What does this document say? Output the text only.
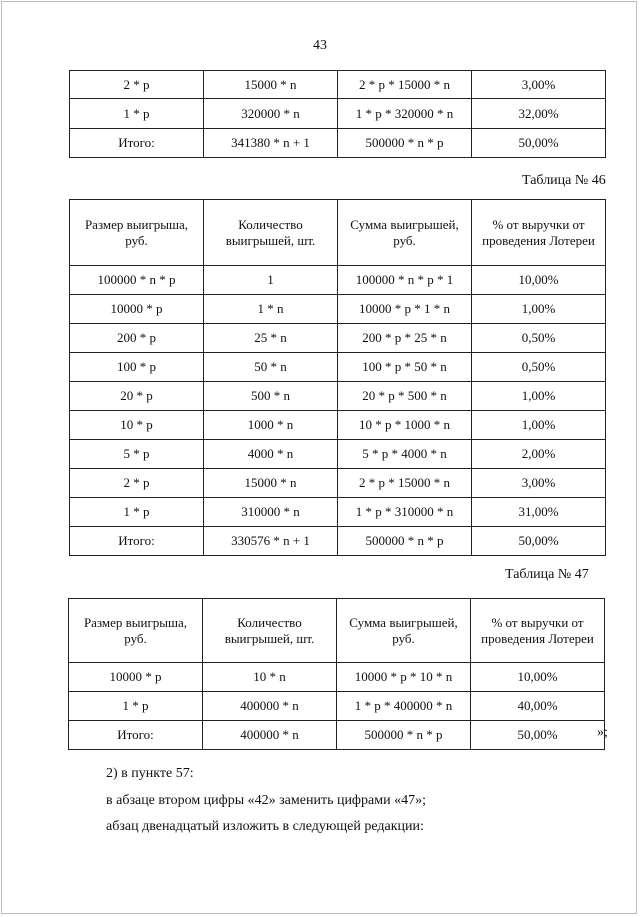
43
2 * р	15000 * n	2 * р * 15000 * n	3,00%
1 * р	320000 * n	1 * р * 320000 * n	32,00%
Итого:	341380 * n + 1	500000 * n * р	50,00%
Таблица № 46
Размер выигрыша, руб.	Количество выигрышей, шт.	Сумма выигрышей, руб.	% от выручки от проведения Лотереи
100000 * n * р	1	100000 * n * р * 1	10,00%
10000 * р	1 * n	10000 * р * 1 * n	1,00%
200 * р	25 * n	200 * р * 25 * n	0,50%
100 * р	50 * n	100 * р * 50 * n	0,50%
20 * р	500 * n	20 * р * 500 * n	1,00%
10 * р	1000 * n	10 * р * 1000 * n	1,00%
5 * р	4000 * n	5 * р * 4000 * n	2,00%
2 * р	15000 * n	2 * р * 15000 * n	3,00%
1 * р	310000 * n	1 * р * 310000 * n	31,00%
Итого:	330576 * n + 1	500000 * n * р	50,00%
Таблица № 47
Размер выигрыша, руб.	Количество выигрышей, шт.	Сумма выигрышей, руб.	% от выручки от проведения Лотереи
10000 * р	10 * n	10000 * р * 10 * n	10,00%
1 * р	400000 * n	1 * р * 400000 * n	40,00%
Итого:	400000 * n	500000 * n * р	50,00%	»;
2) в пункте 57:
в абзаце втором цифры «42» заменить цифрами «47»;
абзац двенадцатый изложить в следующей редакции:
